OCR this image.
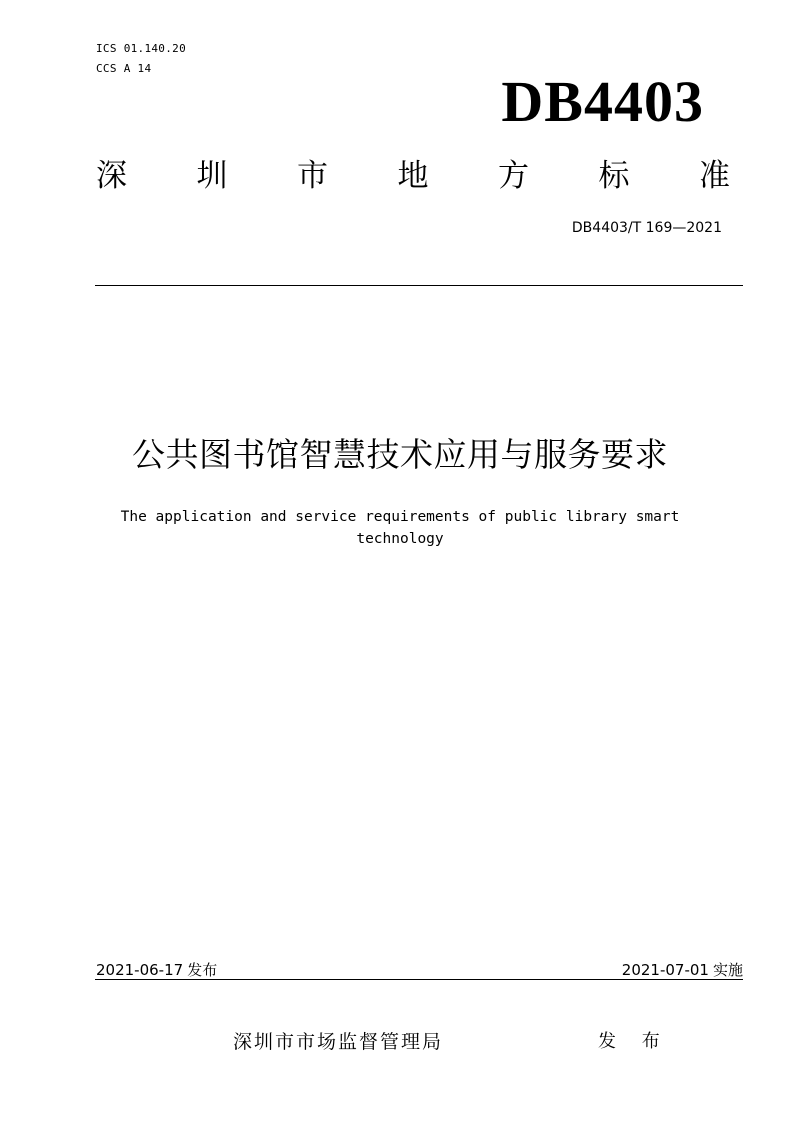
ICS 01.140.20
CCS A 14
DB4403
深 圳 市 地 方 标 准
DB4403/T 169—2021
公共图书馆智慧技术应用与服务要求
The application and service requirements of public library smart
technology
2021-06-17 发布	2021-07-01 实施
深圳市市场监督管理局	发 布
